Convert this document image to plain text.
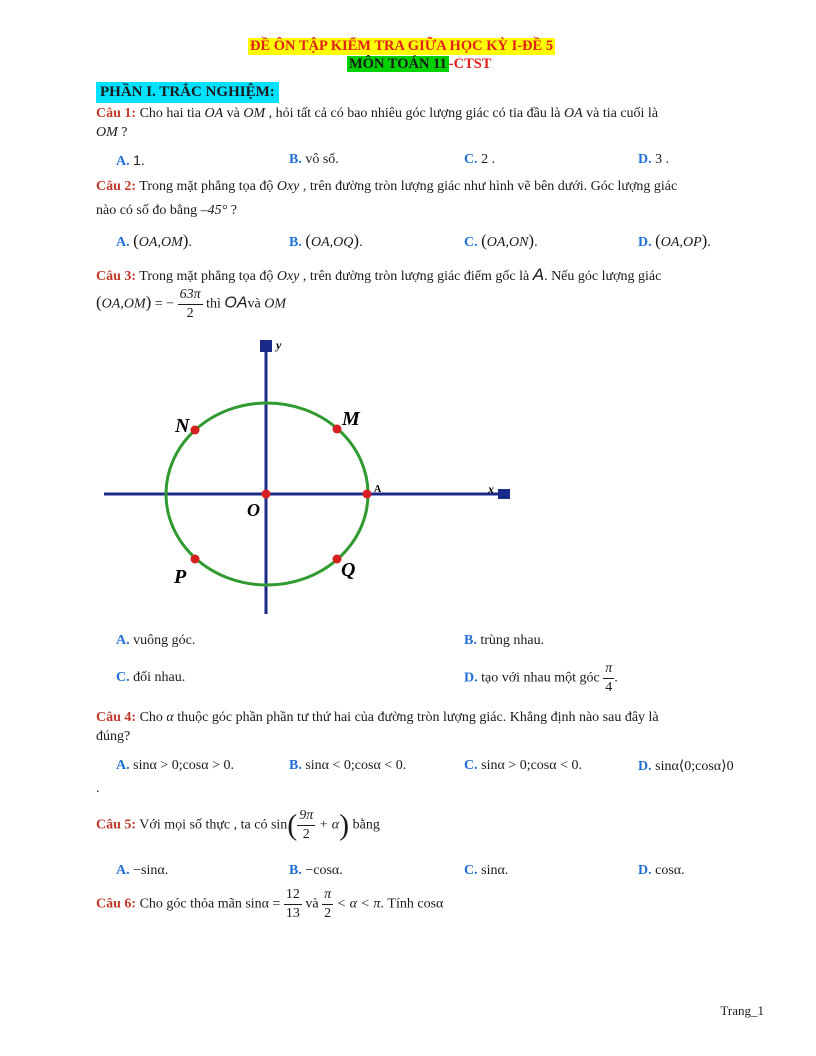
ĐỀ ÔN TẬP KIỂM TRA GIỮA HỌC KỲ I-ĐỀ 5
MÔN TOÁN 11 -CTST
PHẦN I. TRẮC NGHIỆM:
Câu 1: Cho hai tia OA và OM , hỏi tất cả có bao nhiêu góc lượng giác có tia đầu là OA và tia cuối là
OM ?
A. 1.	B. vô số.	C. 2 .	D. 3 .
Câu 2: Trong mặt phẳng tọa độ Oxy , trên đường tròn lượng giác như hình vẽ bên dưới. Góc lượng giác
nào có số đo bằng –45° ?
A. (OA,OM).	B. (OA,OQ).	C. (OA,ON).	D. (OA,OP).
Câu 3: Trong mặt phẳng tọa độ Oxy , trên đường tròn lượng giác điểm gốc là A. Nếu góc lượng giác
(OA,OM) = − $\frac{63\pi}{2}$ thì OAvà OM
y
x
O
A
M
N
P	Q
A. vuông góc.	B. trùng nhau.
C. đối nhau.	D. tạo với nhau một góc $\frac{\pi}{4}$ .
Câu 4: Cho α thuộc góc phần phần tư thứ hai của đường tròn lượng giác. Khẳng định nào sau đây là
đúng?
A. sinα > 0;cosα > 0.	B. sinα < 0;cosα < 0.	C. sinα > 0;cosα < 0.	D. sinα⟨0;cosα⟩0
.
Câu 5: Với mọi số thực , ta có $\sin( \frac{9\pi}{2} + \alpha)$ bằng
A. −sinα.	B. −cosα.	C. sinα.	D. cosα.
Câu 6: Cho góc thỏa mãn $\sin\alpha = \frac{12}{13}$ và $\frac{\pi}{2} < \alpha < \pi$. Tính cosα
Trang_1
